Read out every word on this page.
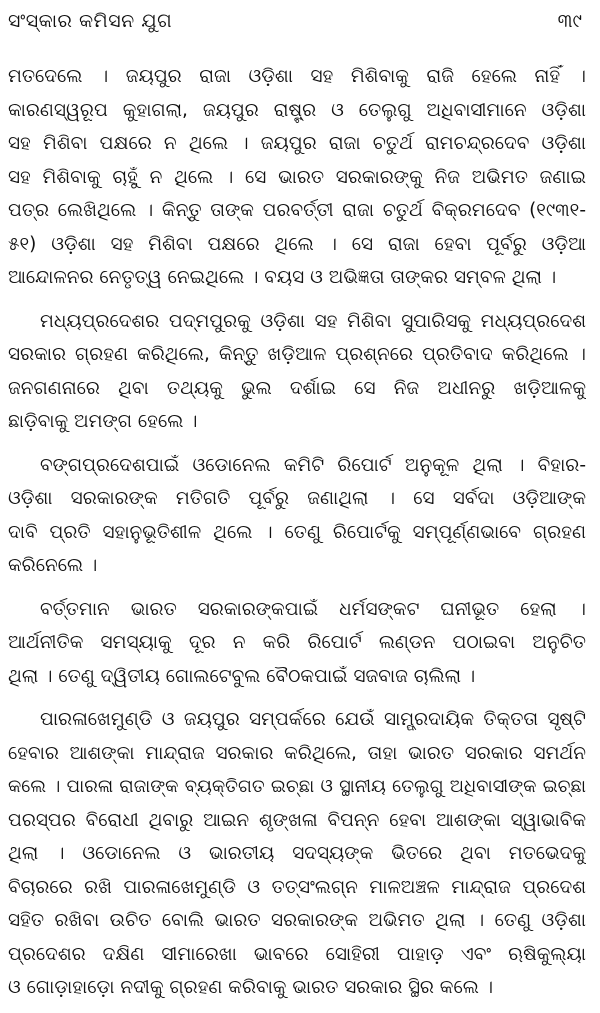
ସଂସ୍କାର କମିସନ ଯୁଗ	୩୯
ମତଦେଲେ । ଜୟପୁର ରାଜା ଓଡ଼ିଶା ସହ ମିଶିବାକୁ ରାଜି ହେଲେ ନାହିଁ ।
କାରଣସ୍ୱରୂପ କୁହାଗଲା, ଜୟପୁର ରାଷ୍ଟ୍ର ଓ ତେଲୁଗୁ ଅଧିବାସୀମାନେ ଓଡ଼ିଶା
ସହ ମିଶିବା ପକ୍ଷରେ ନ ଥିଲେ । ଜୟପୁର ରାଜା ଚତୁର୍ଥ ରାମଚନ୍ଦ୍ରଦେବ ଓଡ଼ିଶା
ସହ ମିଶିବାକୁ ଚାହୁଁ ନ ଥିଲେ । ସେ ଭାରତ ସରକାରଙ୍କୁ ନିଜ ଅଭିମତ ଜଣାଇ
ପତ୍ର ଲେଖିଥିଲେ । କିନ୍ତୁ ତାଙ୍କ ପରବର୍ତ୍ତୀ ରାଜା ଚତୁର୍ଥ ବିକ୍ରମଦେବ (୧୯୩୧-
୫୧) ଓଡ଼ିଶା ସହ ମିଶିବା ପକ୍ଷରେ ଥିଲେ । ସେ ରାଜା ହେବା ପୂର୍ବରୁ ଓଡ଼ିଆ
ଆନ୍ଦୋଳନର ନେତୃତ୍ୱ ନେଇଥିଲେ । ବୟସ ଓ ଅଭିଜ୍ଞତା ତାଙ୍କର ସମ୍ବଳ ଥିଲା ।
ମଧ୍ୟପ୍ରଦେଶର ପଦ୍ମପୁରକୁ ଓଡ଼ିଶା ସହ ମିଶିବା ସୁପାରିସକୁ ମଧ୍ୟପ୍ରଦେଶ
ସରକାର ଗ୍ରହଣ କରିଥିଲେ, କିନ୍ତୁ ଖଡ଼ିଆଳ ପ୍ରଶ୍ନରେ ପ୍ରତିବାଦ କରିଥିଲେ ।
ଜନଗଣନାରେ ଥିବା ତଥ୍ୟକୁ ଭୁଲ ଦର୍ଶାଇ ସେ ନିଜ ଅଧୀନରୁ ଖଡ଼ିଆଳକୁ
ଛାଡ଼ିବାକୁ ଅମଙ୍ଗ ହେଲେ ।
ବଙ୍ଗପ୍ରଦେଶପାଇଁ ଓଡୋନେଲ କମିଟି ରିପୋର୍ଟ ଅନୁକୂଳ ଥିଲା । ବିହାର-
ଓଡ଼ିଶା ସରକାରଙ୍କ ମତିଗତି ପୂର୍ବରୁ ଜଣାଥିଲା । ସେ ସର୍ବଦା ଓଡ଼ିଆଙ୍କ
ଦାବି ପ୍ରତି ସହାନୁଭୂତିଶୀଳ ଥିଲେ । ତେଣୁ ରିପୋର୍ଟକୁ ସମ୍ପୂର୍ଣ୍ଣଭାବେ ଗ୍ରହଣ
କରିନେଲେ ।
ବର୍ତ୍ତମାନ ଭାରତ ସରକାରଙ୍କପାଇଁ ଧର୍ମସଙ୍କଟ ଘନୀଭୂତ ହେଲା ।
ଆର୍ଥନୀତିକ ସମସ୍ୟାକୁ ଦୂର ନ କରି ରିପୋର୍ଟ ଲଣ୍ଡନ ପଠାଇବା ଅନୁଚିତ
ଥିଲା । ତେଣୁ ଦ୍ୱିତୀୟ ଗୋଲଟେବୁଲ ବୈଠକପାଇଁ ସଜବାଜ ଚାଲିଲା ।
ପାରଳାଖେମୁଣ୍ଡି ଓ ଜୟପୁର ସମ୍ପର୍କରେ ଯେଉଁ ସାମ୍ପ୍ରଦାୟିକ ତିକ୍ତତା ସୃଷ୍ଟି
ହେବାର ଆଶଙ୍କା ମାନ୍ଦ୍ରାଜ ସରକାର କରିଥିଲେ, ତାହା ଭାରତ ସରକାର ସମର୍ଥନ
କଲେ । ପାରଳା ରାଜାଙ୍କ ବ୍ୟକ୍ତିଗତ ଇଚ୍ଛା ଓ ସ୍ଥାନୀୟ ତେଲୁଗୁ ଅଧିବାସୀଙ୍କ ଇଚ୍ଛା
ପରସ୍ପର ବିରୋଧୀ ଥିବାରୁ ଆଇନ ଶୃଙ୍ଖଳା ବିପନ୍ନ ହେବା ଆଶଙ୍କା ସ୍ୱାଭାବିକ
ଥିଲା । ଓଡୋନେଲ ଓ ଭାରତୀୟ ସଦସ୍ୟଙ୍କ ଭିତରେ ଥିବା ମତଭେଦକୁ
ବିଚାରରେ ରଖି ପାରଳାଖେମୁଣ୍ଡି ଓ ତତ୍‌ସଂଲଗ୍ନ ମାଳଅଞ୍ଚଳ ମାନ୍ଦ୍ରାଜ ପ୍ରଦେଶ
ସହିତ ରଖିବା ଉଚିତ ବୋଲି ଭାରତ ସରକାରଙ୍କ ଅଭିମତ ଥିଲା । ତେଣୁ ଓଡ଼ିଶା
ପ୍ରଦେଶର ଦକ୍ଷିଣ ସୀମାରେଖା ଭାବରେ ସୋହିରୀ ପାହାଡ଼ ଏବଂ ଋଷିକୁଲ୍ୟା
ଓ ଗୋଡ଼ାହାଡ଼ୋ ନଦୀକୁ ଗ୍ରହଣ କରିବାକୁ ଭାରତ ସରକାର ସ୍ଥିର କଲେ ।
